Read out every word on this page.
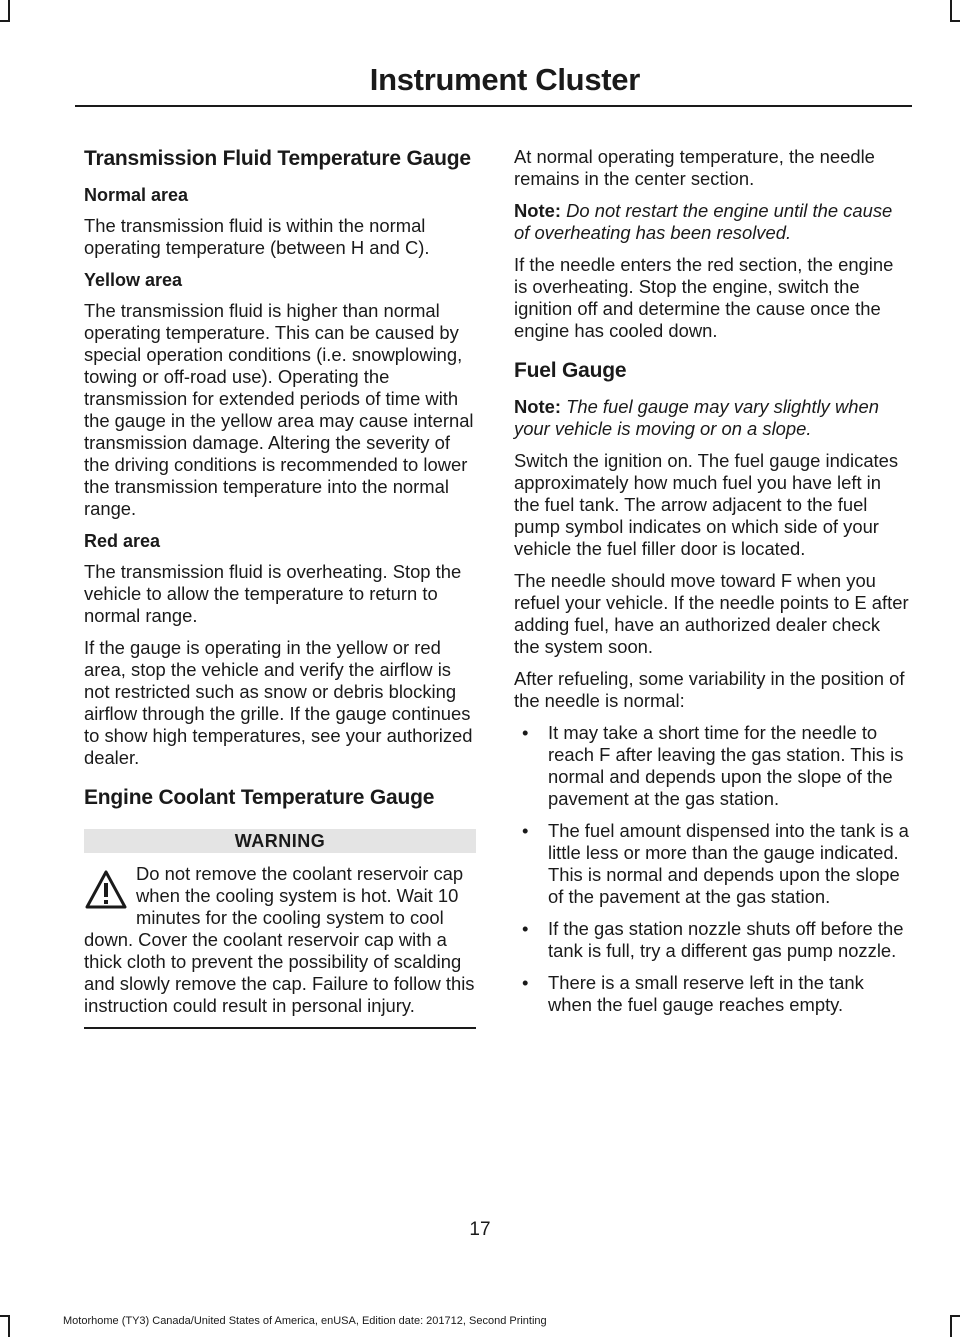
Instrument Cluster
Transmission Fluid Temperature Gauge
Normal area

The transmission fluid is within the normal operating temperature (between H and C).

Yellow area

The transmission fluid is higher than normal operating temperature. This can be caused by special operation conditions (i.e. snowplowing, towing or off-road use). Operating the transmission for extended periods of time with the gauge in the yellow area may cause internal transmission damage. Altering the severity of the driving conditions is recommended to lower the transmission temperature into the normal range.

Red area

The transmission fluid is overheating. Stop the vehicle to allow the temperature to return to normal range.

If the gauge is operating in the yellow or red area, stop the vehicle and verify the airflow is not restricted such as snow or debris blocking airflow through the grille. If the gauge continues to show high temperatures, see your authorized dealer.

Engine Coolant Temperature Gauge
WARNING
Do not remove the coolant reservoir cap when the cooling system is hot. Wait 10 minutes for the cooling system to cool down. Cover the coolant reservoir cap with a thick cloth to prevent the possibility of scalding and slowly remove the cap. Failure to follow this instruction could result in personal injury.

At normal operating temperature, the needle remains in the center section.

Note: Do not restart the engine until the cause of overheating has been resolved.

If the needle enters the red section, the engine is overheating. Stop the engine, switch the ignition off and determine the cause once the engine has cooled down.

Fuel Gauge

Note: The fuel gauge may vary slightly when your vehicle is moving or on a slope.

Switch the ignition on. The fuel gauge indicates approximately how much fuel you have left in the fuel tank. The arrow adjacent to the fuel pump symbol indicates on which side of your vehicle the fuel filler door is located.

The needle should move toward F when you refuel your vehicle. If the needle points to E after adding fuel, have an authorized dealer check the system soon.

After refueling, some variability in the position of the needle is normal:

• It may take a short time for the needle to reach F after leaving the gas station. This is normal and depends upon the slope of the pavement at the gas station.
• The fuel amount dispensed into the tank is a little less or more than the gauge indicated. This is normal and depends upon the slope of the pavement at the gas station.
• If the gas station nozzle shuts off before the tank is full, try a different gas pump nozzle.
• There is a small reserve left in the tank when the fuel gauge reaches empty.
17
Motorhome (TY3) Canada/United States of America, enUSA, Edition date: 201712, Second Printing
